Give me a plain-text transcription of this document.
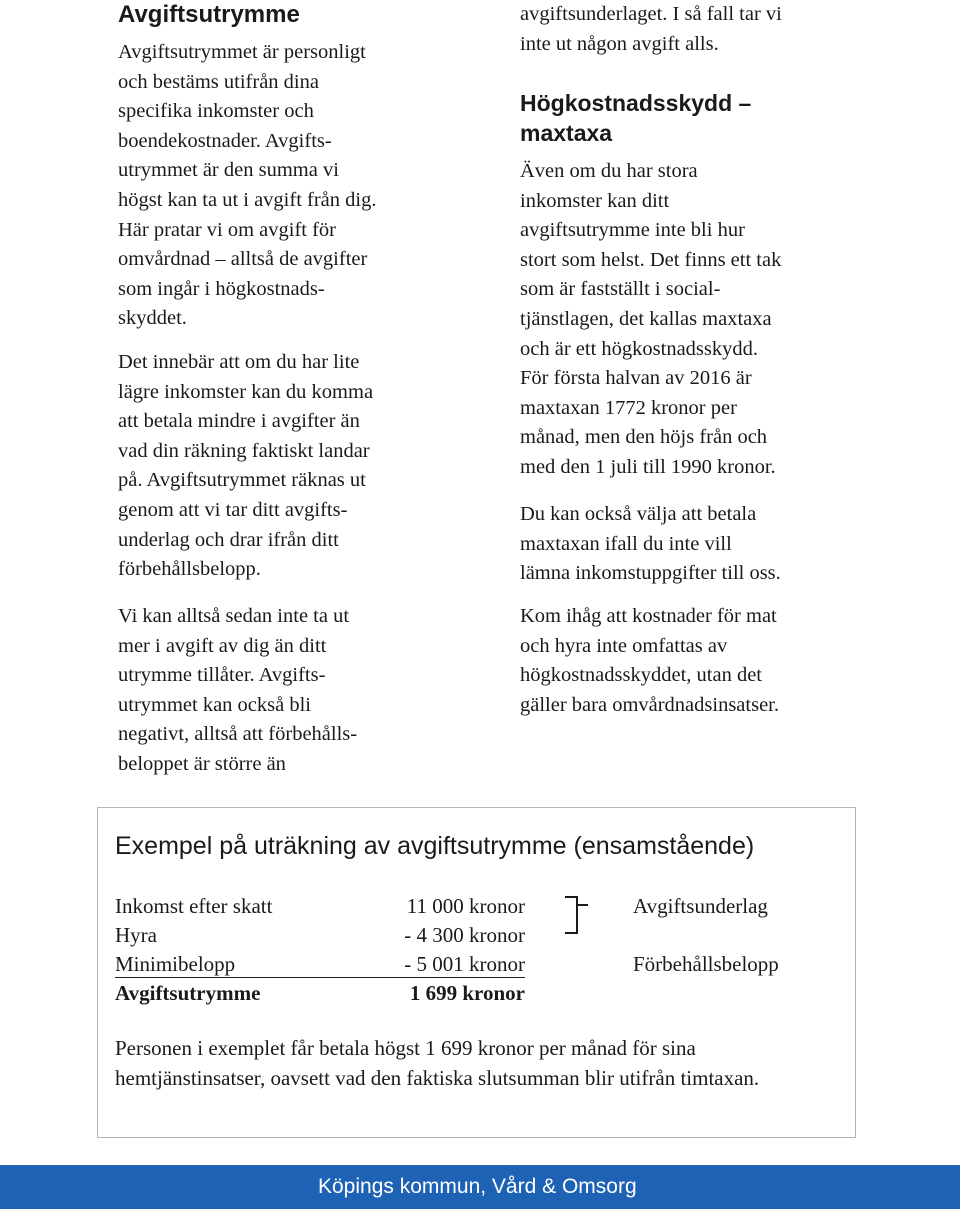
Avgiftsutrymme

Avgiftsutrymmet är personligt
och bestäms utifrån dina
specifika inkomster och
boendekostnader. Avgifts-
utrymmet är den summa vi
högst kan ta ut i avgift från dig.
Här pratar vi om avgift för
omvårdnad – alltså de avgifter
som ingår i högkostnads-
skyddet.

Det innebär att om du har lite
lägre inkomster kan du komma
att betala mindre i avgifter än
vad din räkning faktiskt landar
på. Avgiftsutrymmet räknas ut
genom att vi tar ditt avgifts-
underlag och drar ifrån ditt
förbehållsbelopp.

Vi kan alltså sedan inte ta ut
mer i avgift av dig än ditt
utrymme tillåter. Avgifts-
utrymmet kan också bli
negativt, alltså att förbehålls-
beloppet är större än

avgiftsunderlaget. I så fall tar vi
inte ut någon avgift alls.

Högkostnadsskydd –
maxtaxa

Även om du har stora
inkomster kan ditt
avgiftsutrymme inte bli hur
stort som helst. Det finns ett tak
som är fastställt i social-
tjänstlagen, det kallas maxtaxa
och är ett högkostnadsskydd.
För första halvan av 2016 är
maxtaxan 1772 kronor per
månad, men den höjs från och
med den 1 juli till 1990 kronor.

Du kan också välja att betala
maxtaxan ifall du inte vill
lämna inkomstuppgifter till oss.

Kom ihåg att kostnader för mat
och hyra inte omfattas av
högkostnadsskyddet, utan det
gäller bara omvårdnadsinsatser.

Exempel på uträkning av avgiftsutrymme (ensamstående)

Inkomst efter skatt	11 000 kronor
Hyra	- 4 300 kronor
Minimibelopp	- 5 001 kronor
Avgiftsutrymme	1 699 kronor
Avgiftsunderlag
Förbehållsbelopp

Personen i exemplet får betala högst 1 699 kronor per månad för sina hemtjänstinsatser, oavsett vad den faktiska slutsumman blir utifrån timtaxan.

Köpings kommun, Vård & Omsorg
